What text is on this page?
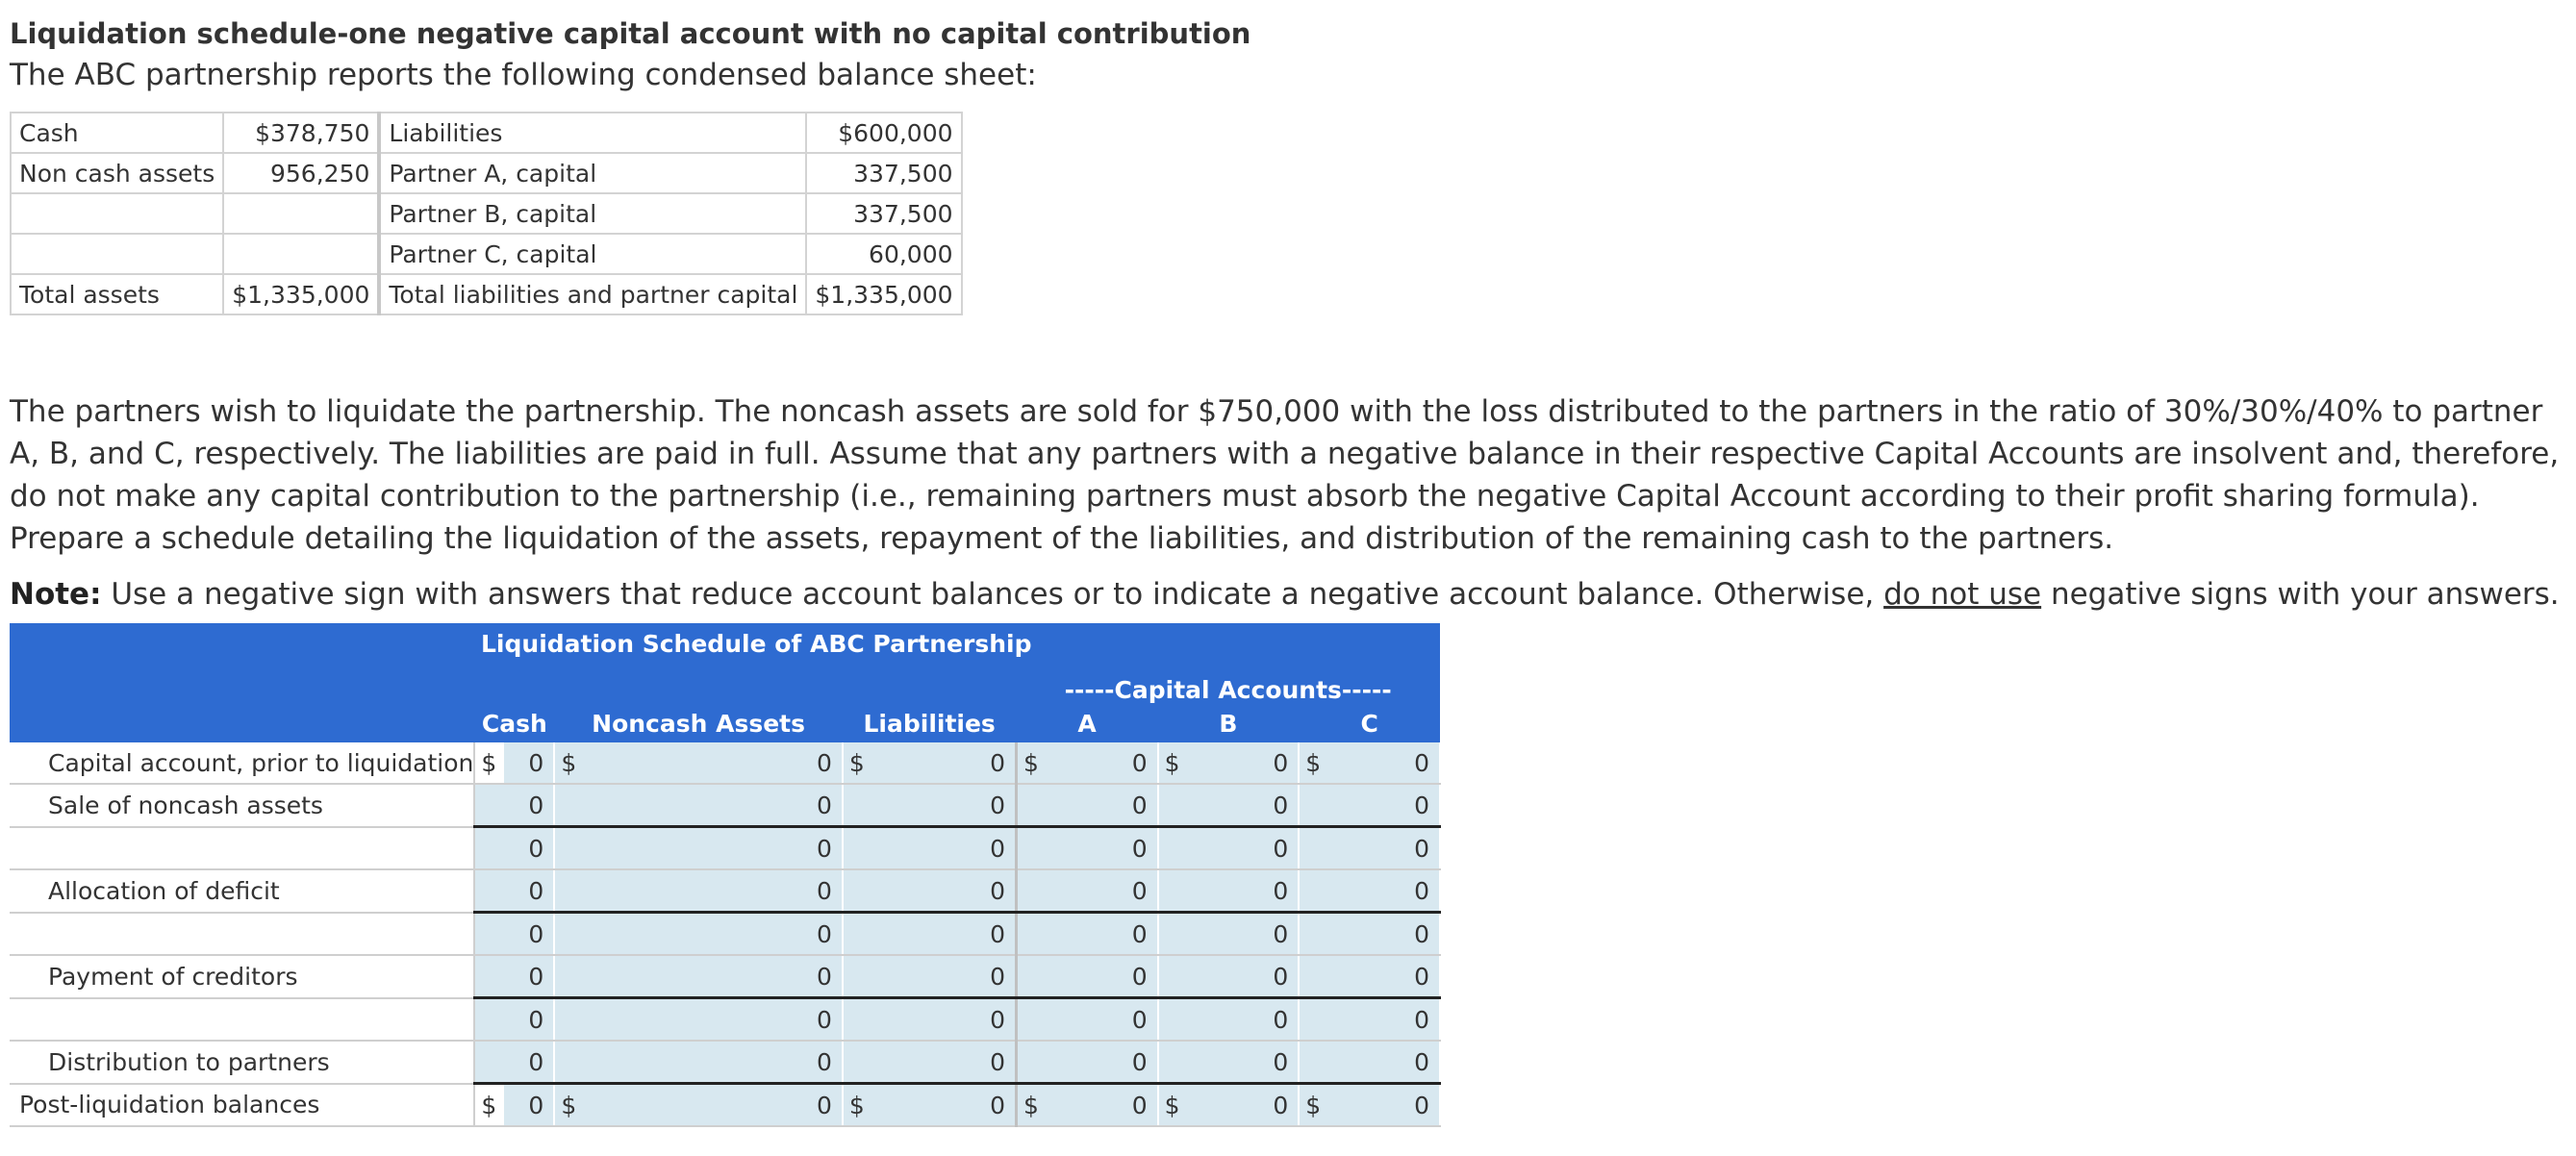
Liquidation schedule-one negative capital account with no capital contribution

The ABC partnership reports the following condensed balance sheet:

Cash	$378,750	Liabilities	$600,000
Non cash assets	956,250	Partner A, capital	337,500
		Partner B, capital	337,500
		Partner C, capital	60,000
Total assets	$1,335,000	Total liabilities and partner capital	$1,335,000

The partners wish to liquidate the partnership. The noncash assets are sold for $750,000 with the loss distributed to the partners in the ratio of 30%/30%/40% to partner A, B, and C, respectively. The liabilities are paid in full. Assume that any partners with a negative balance in their respective Capital Accounts are insolvent and, therefore, do not make any capital contribution to the partnership (i.e., remaining partners must absorb the negative Capital Account according to their profit sharing formula). Prepare a schedule detailing the liquidation of the assets, repayment of the liabilities, and distribution of the remaining cash to the partners.

Note: Use a negative sign with answers that reduce account balances or to indicate a negative account balance. Otherwise, do not use negative signs with your answers.

Liquidation Schedule of ABC Partnership												
							-----Capital Accounts-----					
	Cash		Noncash Assets		Liabilities		A		B		C	
Capital account, prior to liquidation	$	0	$	0	$	0	$	0	$	0	$	0
Sale of noncash assets		0		0		0		0		0		0
		0		0		0		0		0		0
Allocation of deficit		0		0		0		0		0		0
		0		0		0		0		0		0
Payment of creditors		0		0		0		0		0		0
		0		0		0		0		0		0
Distribution to partners		0		0		0		0		0		0
Post-liquidation balances	$	0	$	0	$	0	$	0	$	0	$	0
